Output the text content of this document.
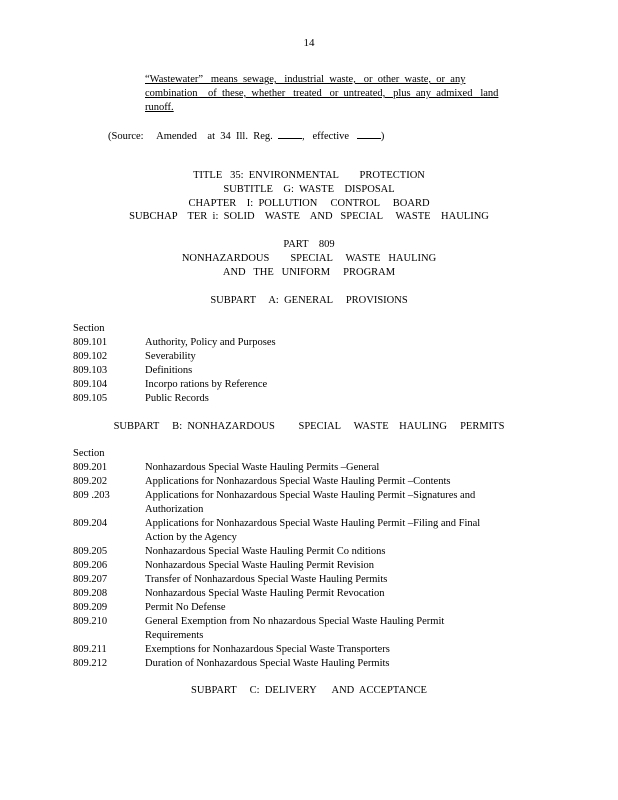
14
“Wastewater”   means  sewage,   industrial  waste,   or  other  waste,  or  any
combination    of  these,  whether   treated   or  untreated,   plus  any  admixed   land
runoff.
(Source:     Amended    at  34  Ill.  Reg.	,   effective	)
TITLE   35:  ENVIRONMENTAL        PROTECTION
SUBTITLE    G:  WASTE    DISPOSAL
CHAPTER    I:  POLLUTION     CONTROL     BOARD
SUBCHAP    TER  i:  SOLID    WASTE    AND   SPECIAL     WASTE    HAULING
PART    809
NONHAZARDOUS        SPECIAL     WASTE   HAULING
AND   THE   UNIFORM     PROGRAM
SUBPART     A:  GENERAL     PROVISIONS
Section
809.101	Authority, Policy and Purposes
809.102	Severability
809.103	Definitions
809.104	Incorpo rations by Reference
809.105	Public Records
SUBPART     B:  NONHAZARDOUS         SPECIAL     WASTE    HAULING     PERMITS
Section
809.201	Nonhazardous Special Waste Hauling Permits –General
809.202	Applications for Nonhazardous Special Waste Hauling Permit –Contents
809 .203	Applications for Nonhazardous Special Waste Hauling Permit –Signatures and
Authorization
809.204	Applications for Nonhazardous Special Waste Hauling Permit –Filing and Final
Action by the Agency
809.205	Nonhazardous Special Waste Hauling Permit Co nditions
809.206	Nonhazardous Special Waste Hauling Permit Revision
809.207	Transfer of Nonhazardous Special Waste Hauling Permits
809.208	Nonhazardous Special Waste Hauling Permit Revocation
809.209	Permit No Defense
809.210	General Exemption from No nhazardous Special Waste Hauling Permit
Requirements
809.211	Exemptions for Nonhazardous Special Waste Transporters
809.212	Duration of Nonhazardous Special Waste Hauling Permits
SUBPART     C:  DELIVERY      AND  ACCEPTANCE
